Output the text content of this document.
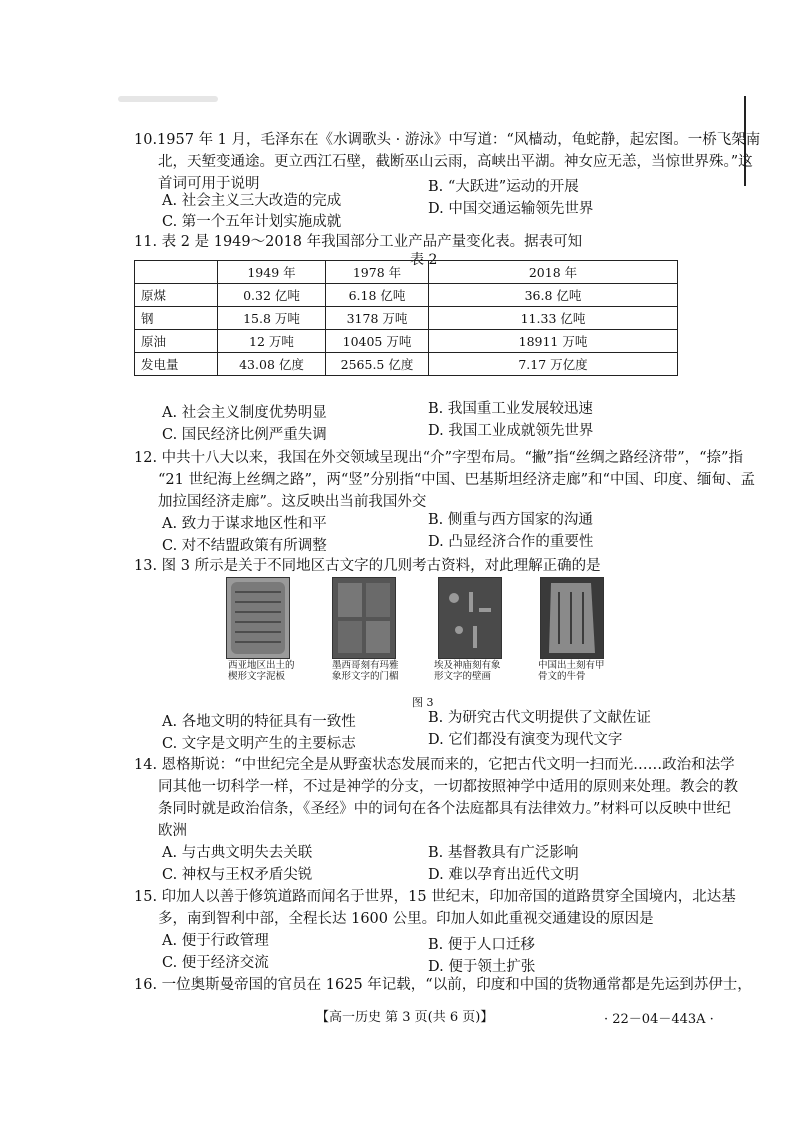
10.1957 年 1 月，毛泽东在《水调歌头 · 游泳》中写道：“风樯动，龟蛇静，起宏图。一桥飞架南
北，天堑变通途。更立西江石壁，截断巫山云雨，高峡出平湖。神女应无恙，当惊世界殊。”这
首词可用于说明	B. “大跃进”运动的开展
A. 社会主义三大改造的完成	D. 中国交通运输领先世界
C. 第一个五年计划实施成就
11. 表 2 是 1949～2018 年我国部分工业产品产量变化表。据表可知
表 2
	1949 年	1978 年	2018 年
原煤	0.32 亿吨	6.18 亿吨	36.8 亿吨
钢	15.8 万吨	3178 万吨	11.33 亿吨
原油	12 万吨	10405 万吨	18911 万吨
发电量	43.08 亿度	2565.5 亿度	7.17 万亿度
A. 社会主义制度优势明显	B. 我国重工业发展较迅速
C. 国民经济比例严重失调	D. 我国工业成就领先世界
12. 中共十八大以来，我国在外交领域呈现出“介”字型布局。“撇”指“丝绸之路经济带”，“捺”指
“21 世纪海上丝绸之路”，两“竖”分别指“中国、巴基斯坦经济走廊”和“中国、印度、缅甸、孟
加拉国经济走廊”。这反映出当前我国外交
A. 致力于谋求地区性和平	B. 侧重与西方国家的沟通
C. 对不结盟政策有所调整	D. 凸显经济合作的重要性
13. 图 3 所示是关于不同地区古文字的几则考古资料，对此理解正确的是
西亚地区出土的楔形文字泥板
墨西哥刻有玛雅象形文字的门楣
埃及神庙刻有象形文字的壁画
中国出土刻有甲骨文的牛骨
图 3
A. 各地文明的特征具有一致性	B. 为研究古代文明提供了文献佐证
C. 文字是文明产生的主要标志	D. 它们都没有演变为现代文字
14. 恩格斯说：“中世纪完全是从野蛮状态发展而来的，它把古代文明一扫而光……政治和法学
同其他一切科学一样，不过是神学的分支，一切都按照神学中适用的原则来处理。教会的教
条同时就是政治信条，《圣经》中的词句在各个法庭都具有法律效力。”材料可以反映中世纪
欧洲
A. 与古典文明失去关联	B. 基督教具有广泛影响
C. 神权与王权矛盾尖锐	D. 难以孕育出近代文明
15. 印加人以善于修筑道路而闻名于世界，15 世纪末，印加帝国的道路贯穿全国境内，北达基
多，南到智利中部，全程长达 1600 公里。印加人如此重视交通建设的原因是
A. 便于行政管理	B. 便于人口迁移
C. 便于经济交流	D. 便于领土扩张
16. 一位奥斯曼帝国的官员在 1625 年记载，“以前，印度和中国的货物通常都是先运到苏伊士，
【高一历史 第 3 页(共 6 页)】	· 22－04－443A ·
